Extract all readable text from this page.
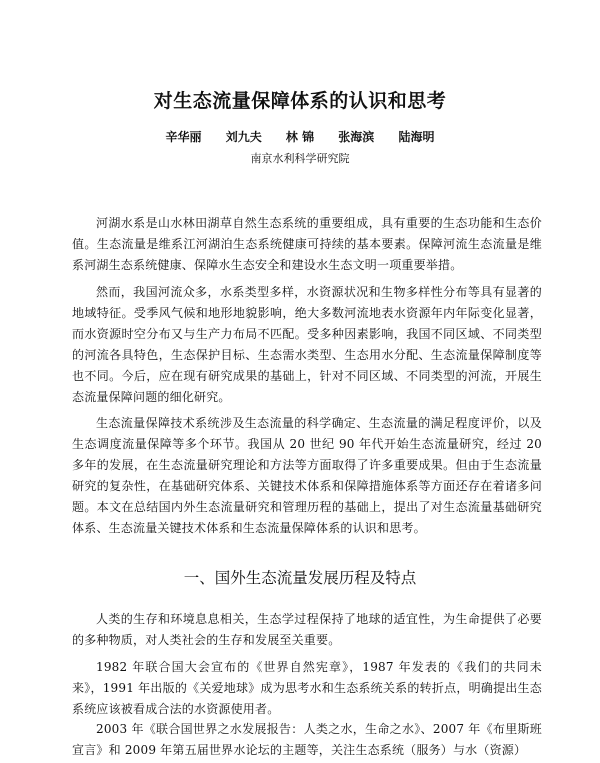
对生态流量保障体系的认识和思考
辛华丽 刘九夫 林 锦 张海滨 陆海明
南京水利科学研究院

河湖水系是山水林田湖草自然生态系统的重要组成，具有重要的生态功能和生态价值。生态流量是维系江河湖泊生态系统健康可持续的基本要素。保障河流生态流量是维系河湖生态系统健康、保障水生态安全和建设水生态文明一项重要举措。

然而，我国河流众多，水系类型多样，水资源状况和生物多样性分布等具有显著的地域特征。受季风气候和地形地貌影响，绝大多数河流地表水资源年内年际变化显著，而水资源时空分布又与生产力布局不匹配。受多种因素影响，我国不同区域、不同类型的河流各具特色，生态保护目标、生态需水类型、生态用水分配、生态流量保障制度等也不同。今后，应在现有研究成果的基础上，针对不同区域、不同类型的河流，开展生态流量保障问题的细化研究。

生态流量保障技术系统涉及生态流量的科学确定、生态流量的满足程度评价，以及生态调度流量保障等多个环节。我国从 20 世纪 90 年代开始生态流量研究，经过 20 多年的发展，在生态流量研究理论和方法等方面取得了许多重要成果。但由于生态流量研究的复杂性，在基础研究体系、关键技术体系和保障措施体系等方面还存在着诸多问题。本文在总结国内外生态流量研究和管理历程的基础上，提出了对生态流量基础研究体系、生态流量关键技术体系和生态流量保障体系的认识和思考。

一、国外生态流量发展历程及特点

人类的生存和环境息息相关，生态学过程保持了地球的适宜性，为生命提供了必要的多种物质，对人类社会的生存和发展至关重要。

1982 年联合国大会宣布的《世界自然宪章》，1987 年发表的《我们的共同未来》，1991 年出版的《关爱地球》成为思考水和生态系统关系的转折点，明确提出生态系统应该被看成合法的水资源使用者。

2003 年《联合国世界之水发展报告：人类之水，生命之水》、2007 年《布里斯班宣言》和 2009 年第五届世界水论坛的主题等，关注生态系统（服务）与水（资源）
